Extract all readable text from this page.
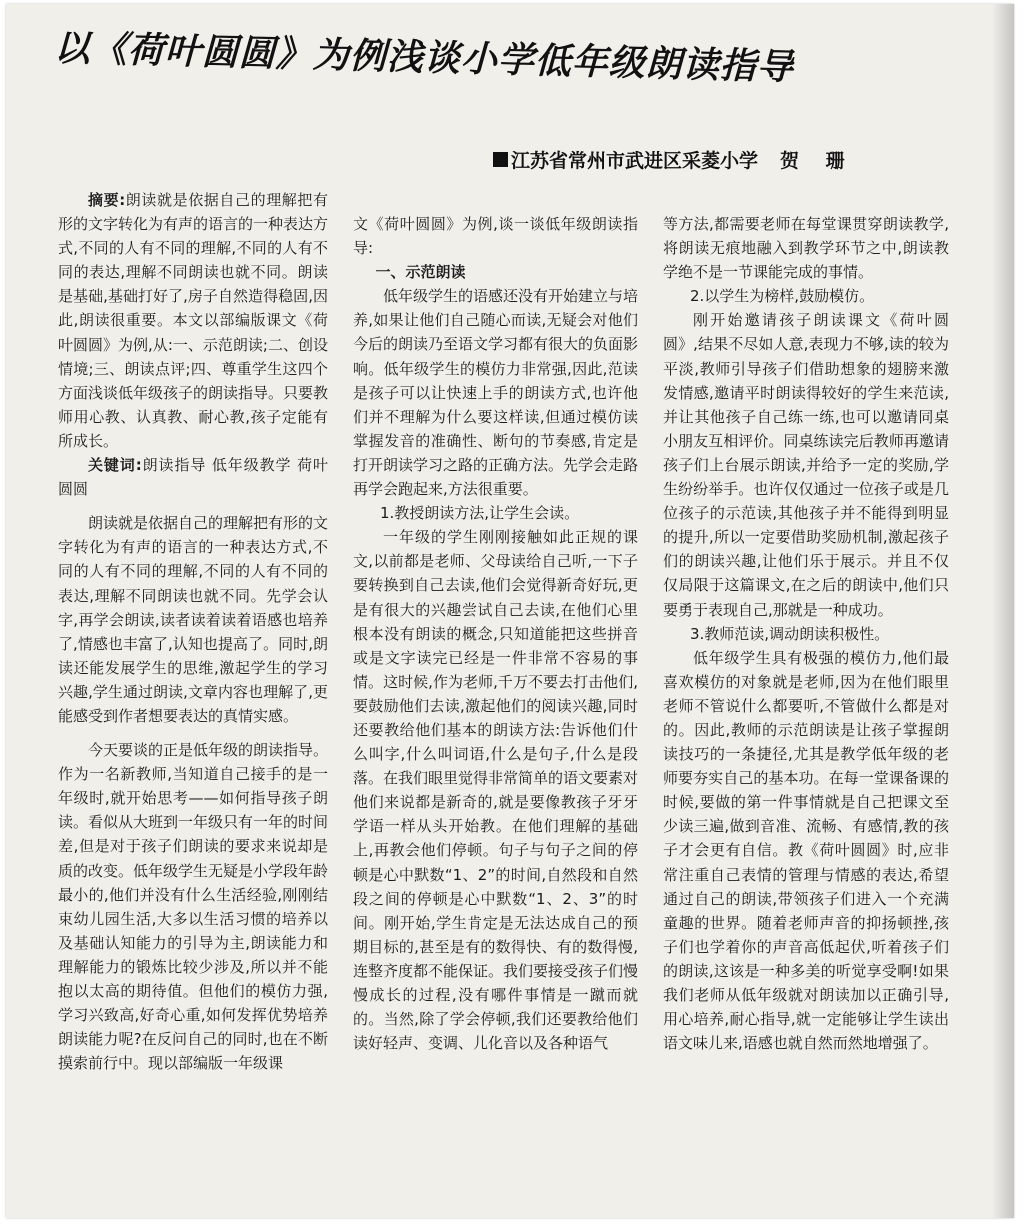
以《荷叶圆圆》为例浅谈小学低年级朗读指导
江苏省常州市武进区采菱小学 贺 珊

摘要:朗读就是依据自己的理解把有形的文字转化为有声的语言的一种表达方式,不同的人有不同的理解,不同的人有不同的表达,理解不同朗读也就不同。朗读是基础,基础打好了,房子自然造得稳固,因此,朗读很重要。本文以部编版课文《荷叶圆圆》为例,从:一、示范朗读;二、创设情境;三、朗读点评;四、尊重学生这四个方面浅谈低年级孩子的朗读指导。只要教师用心教、认真教、耐心教,孩子定能有所成长。

关键词:朗读指导 低年级教学 荷叶圆圆

朗读就是依据自己的理解把有形的文字转化为有声的语言的一种表达方式,不同的人有不同的理解,不同的人有不同的表达,理解不同朗读也就不同。先学会认字,再学会朗读,读者读着读着语感也培养了,情感也丰富了,认知也提高了。同时,朗读还能发展学生的思维,激起学生的学习兴趣,学生通过朗读,文章内容也理解了,更能感受到作者想要表达的真情实感。

今天要谈的正是低年级的朗读指导。作为一名新教师,当知道自己接手的是一年级时,就开始思考——如何指导孩子朗读。看似从大班到一年级只有一年的时间差,但是对于孩子们朗读的要求来说却是质的改变。低年级学生无疑是小学段年龄最小的,他们并没有什么生活经验,刚刚结束幼儿园生活,大多以生活习惯的培养以及基础认知能力的引导为主,朗读能力和理解能力的锻炼比较少涉及,所以并不能抱以太高的期待值。但他们的模仿力强,学习兴致高,好奇心重,如何发挥优势培养朗读能力呢?在反问自己的同时,也在不断摸索前行中。现以部编版一年级课

文《荷叶圆圆》为例,谈一谈低年级朗读指导:

一、示范朗读

低年级学生的语感还没有开始建立与培养,如果让他们自己随心而读,无疑会对他们今后的朗读乃至语文学习都有很大的负面影响。低年级学生的模仿力非常强,因此,范读是孩子可以让快速上手的朗读方式,也许他们并不理解为什么要这样读,但通过模仿读掌握发音的准确性、断句的节奏感,肯定是打开朗读学习之路的正确方法。先学会走路再学会跑起来,方法很重要。

1.教授朗读方法,让学生会读。

一年级的学生刚刚接触如此正规的课文,以前都是老师、父母读给自己听,一下子要转换到自己去读,他们会觉得新奇好玩,更是有很大的兴趣尝试自己去读,在他们心里根本没有朗读的概念,只知道能把这些拼音或是文字读完已经是一件非常不容易的事情。这时候,作为老师,千万不要去打击他们,要鼓励他们去读,激起他们的阅读兴趣,同时还要教给他们基本的朗读方法:告诉他们什么叫字,什么叫词语,什么是句子,什么是段落。在我们眼里觉得非常简单的语文要素对他们来说都是新奇的,就是要像教孩子牙牙学语一样从头开始教。在他们理解的基础上,再教会他们停顿。句子与句子之间的停顿是心中默数“1、2”的时间,自然段和自然段之间的停顿是心中默数“1、2、3”的时间。刚开始,学生肯定是无法达成自己的预期目标的,甚至是有的数得快、有的数得慢,连整齐度都不能保证。我们要接受孩子们慢慢成长的过程,没有哪件事情是一蹴而就的。当然,除了学会停顿,我们还要教给他们读好轻声、变调、儿化音以及各种语气

等方法,都需要老师在每堂课贯穿朗读教学,将朗读无痕地融入到教学环节之中,朗读教学绝不是一节课能完成的事情。

2.以学生为榜样,鼓励模仿。

刚开始邀请孩子朗读课文《荷叶圆圆》,结果不尽如人意,表现力不够,读的较为平淡,教师引导孩子们借助想象的翅膀来激发情感,邀请平时朗读得较好的学生来范读,并让其他孩子自己练一练,也可以邀请同桌小朋友互相评价。同桌练读完后教师再邀请孩子们上台展示朗读,并给予一定的奖励,学生纷纷举手。也许仅仅通过一位孩子或是几位孩子的示范读,其他孩子并不能得到明显的提升,所以一定要借助奖励机制,激起孩子们的朗读兴趣,让他们乐于展示。并且不仅仅局限于这篇课文,在之后的朗读中,他们只要勇于表现自己,那就是一种成功。

3.教师范读,调动朗读积极性。

低年级学生具有极强的模仿力,他们最喜欢模仿的对象就是老师,因为在他们眼里老师不管说什么都要听,不管做什么都是对的。因此,教师的示范朗读是让孩子掌握朗读技巧的一条捷径,尤其是教学低年级的老师要夯实自己的基本功。在每一堂课备课的时候,要做的第一件事情就是自己把课文至少读三遍,做到音准、流畅、有感情,教的孩子才会更有自信。教《荷叶圆圆》时,应非常注重自己表情的管理与情感的表达,希望通过自己的朗读,带领孩子们进入一个充满童趣的世界。随着老师声音的抑扬顿挫,孩子们也学着你的声音高低起伏,听着孩子们的朗读,这该是一种多美的听觉享受啊!如果我们老师从低年级就对朗读加以正确引导,用心培养,耐心指导,就一定能够让学生读出语文味儿来,语感也就自然而然地增强了。
